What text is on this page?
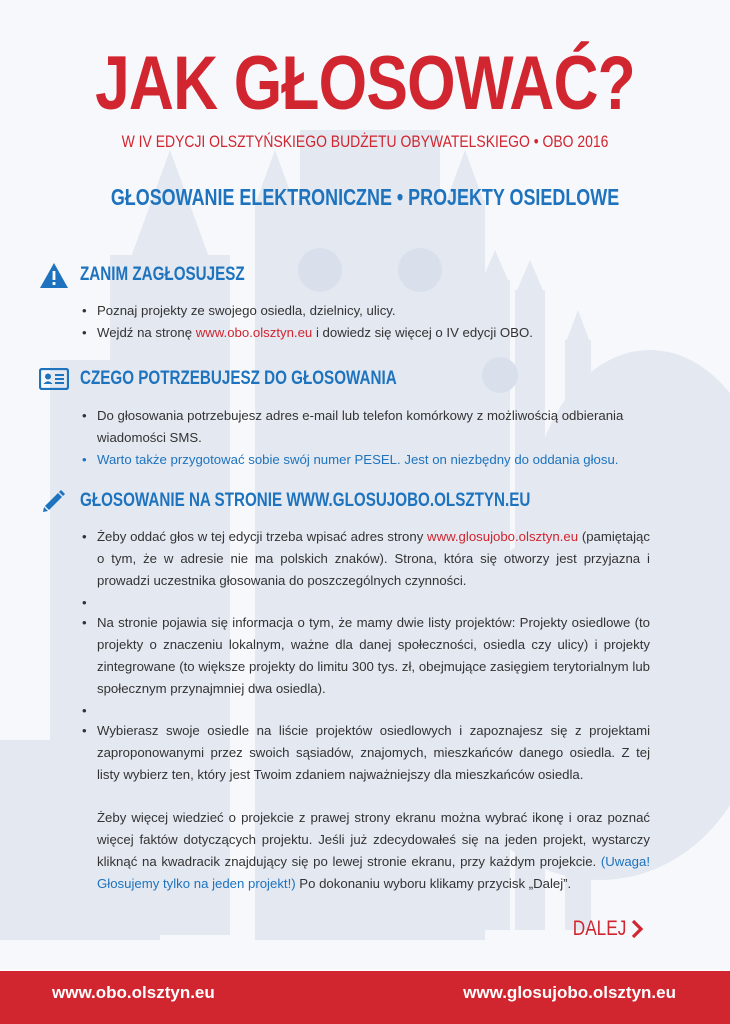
JAK GŁOSOWAĆ?
W IV EDYCJI OLSZTYŃSKIEGO BUDŻETU OBYWATELSKIEGO • OBO 2016
GŁOSOWANIE ELEKTRONICZNE • PROJEKTY OSIEDLOWE
ZANIM ZAGŁOSUJESZ
• Poznaj projekty ze swojego osiedla, dzielnicy, ulicy.
• Wejdź na stronę www.obo.olsztyn.eu i dowiedz się więcej o IV edycji OBO.
CZEGO POTRZEBUJESZ DO GŁOSOWANIA
• Do głosowania potrzebujesz adres e-mail lub telefon komórkowy z możliwością odbierania wiadomości SMS.
• Warto także przygotować sobie swój numer PESEL. Jest on niezbędny do oddania głosu.
GŁOSOWANIE NA STRONIE WWW.GLOSUJOBO.OLSZTYN.EU
• Żeby oddać głos w tej edycji trzeba wpisać adres strony www.glosujobo.olsztyn.eu (pamiętając o tym, że w adresie nie ma polskich znaków). Strona, która się otworzy jest przyjazna i prowadzi uczestnika głosowania do poszczególnych czynności.
•
• Na stronie pojawia się informacja o tym, że mamy dwie listy projektów: Projekty osiedlowe (to projekty o znaczeniu lokalnym, ważne dla danej społeczności, osiedla czy ulicy) i projekty zintegrowane (to większe projekty do limitu 300 tys. zł, obejmujące zasięgiem terytorialnym lub społecznym przynajmniej dwa osiedla).
•
• Wybierasz swoje osiedle na liście projektów osiedlowych i zapoznajesz się z projektami zaproponowanymi przez swoich sąsiadów, znajomych, mieszkańców danego osiedla. Z tej listy wybierz ten, który jest Twoim zdaniem najważniejszy dla mieszkańców osiedla.
Żeby więcej wiedzieć o projekcie z prawej strony ekranu można wybrać ikonę i oraz poznać więcej faktów dotyczących projektu. Jeśli już zdecydowałeś się na jeden projekt, wystarczy kliknąć na kwadracik znajdujący się po lewej stronie ekranu, przy każdym projekcie. (Uwaga! Głosujemy tylko na jeden projekt!) Po dokonaniu wyboru klikamy przycisk „Dalej”.
DALEJ
www.obo.olsztyn.eu	www.glosujobo.olsztyn.eu
